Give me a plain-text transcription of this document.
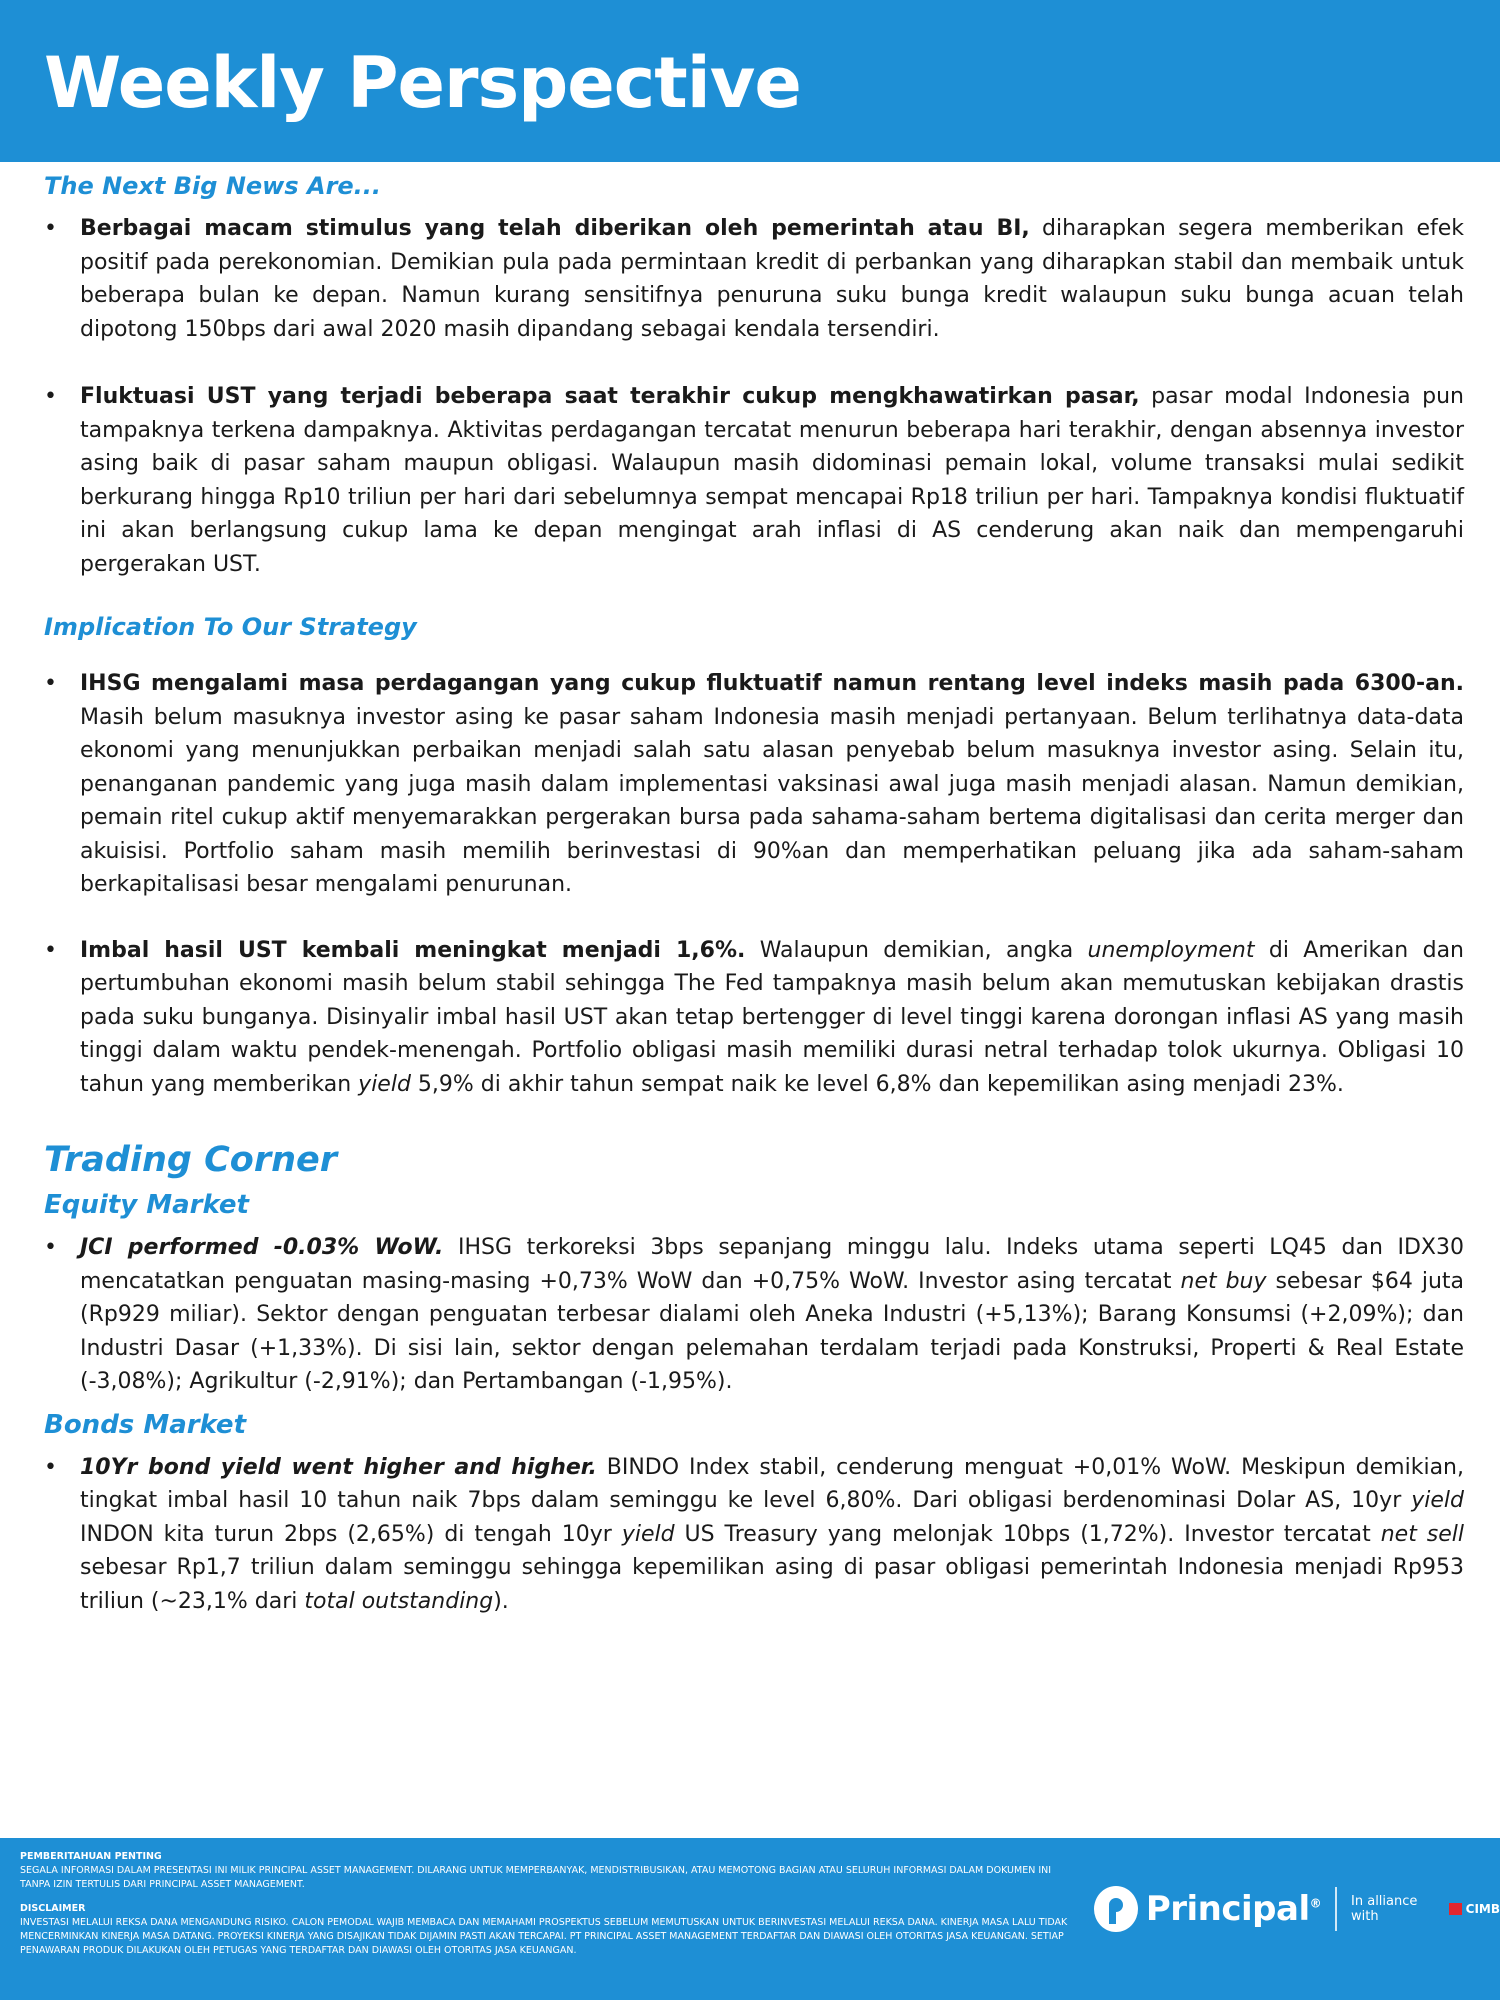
Weekly Perspective
The Next Big News Are...
•	Berbagai macam stimulus yang telah diberikan oleh pemerintah atau BI, diharapkan segera memberikan efek positif pada perekonomian. Demikian pula pada permintaan kredit di perbankan yang diharapkan stabil dan membaik untuk beberapa bulan ke depan. Namun kurang sensitifnya penuruna suku bunga kredit walaupun suku bunga acuan telah dipotong 150bps dari awal 2020 masih dipandang sebagai kendala tersendiri.

•	Fluktuasi UST yang terjadi beberapa saat terakhir cukup mengkhawatirkan pasar, pasar modal Indonesia pun tampaknya terkena dampaknya. Aktivitas perdagangan tercatat menurun beberapa hari terakhir, dengan absennya investor asing baik di pasar saham maupun obligasi. Walaupun masih didominasi pemain lokal, volume transaksi mulai sedikit berkurang hingga Rp10 triliun per hari dari sebelumnya sempat mencapai Rp18 triliun per hari. Tampaknya kondisi fluktuatif ini akan berlangsung cukup lama ke depan mengingat arah inflasi di AS cenderung akan naik dan mempengaruhi pergerakan UST.

Implication To Our Strategy
•	IHSG mengalami masa perdagangan yang cukup fluktuatif namun rentang level indeks masih pada 6300-an. Masih belum masuknya investor asing ke pasar saham Indonesia masih menjadi pertanyaan. Belum terlihatnya data-data ekonomi yang menunjukkan perbaikan menjadi salah satu alasan penyebab belum masuknya investor asing. Selain itu, penanganan pandemic yang juga masih dalam implementasi vaksinasi awal juga masih menjadi alasan. Namun demikian, pemain ritel cukup aktif menyemarakkan pergerakan bursa pada sahama-saham bertema digitalisasi dan cerita merger dan akuisisi. Portfolio saham masih memilih berinvestasi di 90%an dan memperhatikan peluang jika ada saham-saham berkapitalisasi besar mengalami penurunan.

•	Imbal hasil UST kembali meningkat menjadi 1,6%. Walaupun demikian, angka unemployment di Amerikan dan pertumbuhan ekonomi masih belum stabil sehingga The Fed tampaknya masih belum akan memutuskan kebijakan drastis pada suku bunganya. Disinyalir imbal hasil UST akan tetap bertengger di level tinggi karena dorongan inflasi AS yang masih tinggi dalam waktu pendek-menengah. Portfolio obligasi masih memiliki durasi netral terhadap tolok ukurnya. Obligasi 10 tahun yang memberikan yield 5,9% di akhir tahun sempat naik ke level 6,8% dan kepemilikan asing menjadi 23%.

Trading Corner
Equity Market
•	JCI performed -0.03% WoW. IHSG terkoreksi 3bps sepanjang minggu lalu. Indeks utama seperti LQ45 dan IDX30 mencatatkan penguatan masing-masing +0,73% WoW dan +0,75% WoW. Investor asing tercatat net buy sebesar $64 juta (Rp929 miliar). Sektor dengan penguatan terbesar dialami oleh Aneka Industri (+5,13%); Barang Konsumsi (+2,09%); dan Industri Dasar (+1,33%). Di sisi lain, sektor dengan pelemahan terdalam terjadi pada Konstruksi, Properti & Real Estate (-3,08%); Agrikultur (-2,91%); dan Pertambangan (-1,95%).

Bonds Market
•	10Yr bond yield went higher and higher. BINDO Index stabil, cenderung menguat +0,01% WoW. Meskipun demikian, tingkat imbal hasil 10 tahun naik 7bps dalam seminggu ke level 6,80%. Dari obligasi berdenominasi Dolar AS, 10yr yield INDON kita turun 2bps (2,65%) di tengah 10yr yield US Treasury yang melonjak 10bps (1,72%). Investor tercatat net sell sebesar Rp1,7 triliun dalam seminggu sehingga kepemilikan asing di pasar obligasi pemerintah Indonesia menjadi Rp953 triliun (~23,1% dari total outstanding).

PEMBERITAHUAN PENTING
SEGALA INFORMASI DALAM PRESENTASI INI MILIK PRINCIPAL ASSET MANAGEMENT. DILARANG UNTUK MEMPERBANYAK, MENDISTRIBUSIKAN, ATAU MEMOTONG BAGIAN ATAU SELURUH INFORMASI DALAM DOKUMEN INI TANPA IZIN TERTULIS DARI PRINCIPAL ASSET MANAGEMENT.
DISCLAIMER
INVESTASI MELALUI REKSA DANA MENGANDUNG RISIKO. CALON PEMODAL WAJIB MEMBACA DAN MEMAHAMI PROSPEKTUS SEBELUM MEMUTUSKAN UNTUK BERINVESTASI MELALUI REKSA DANA. KINERJA MASA LALU TIDAK MENCERMINKAN KINERJA MASA DATANG. PROYEKSI KINERJA YANG DISAJIKAN TIDAK DIJAMIN PASTI AKAN TERCAPAI. PT PRINCIPAL ASSET MANAGEMENT TERDAFTAR DAN DIAWASI OLEH OTORITAS JASA KEUANGAN. SETIAP PENAWARAN PRODUK DILAKUKAN OLEH PETUGAS YANG TERDAFTAR DAN DIAWASI OLEH OTORITAS JASA KEUANGAN.
Principal® In alliance with	CIMB
